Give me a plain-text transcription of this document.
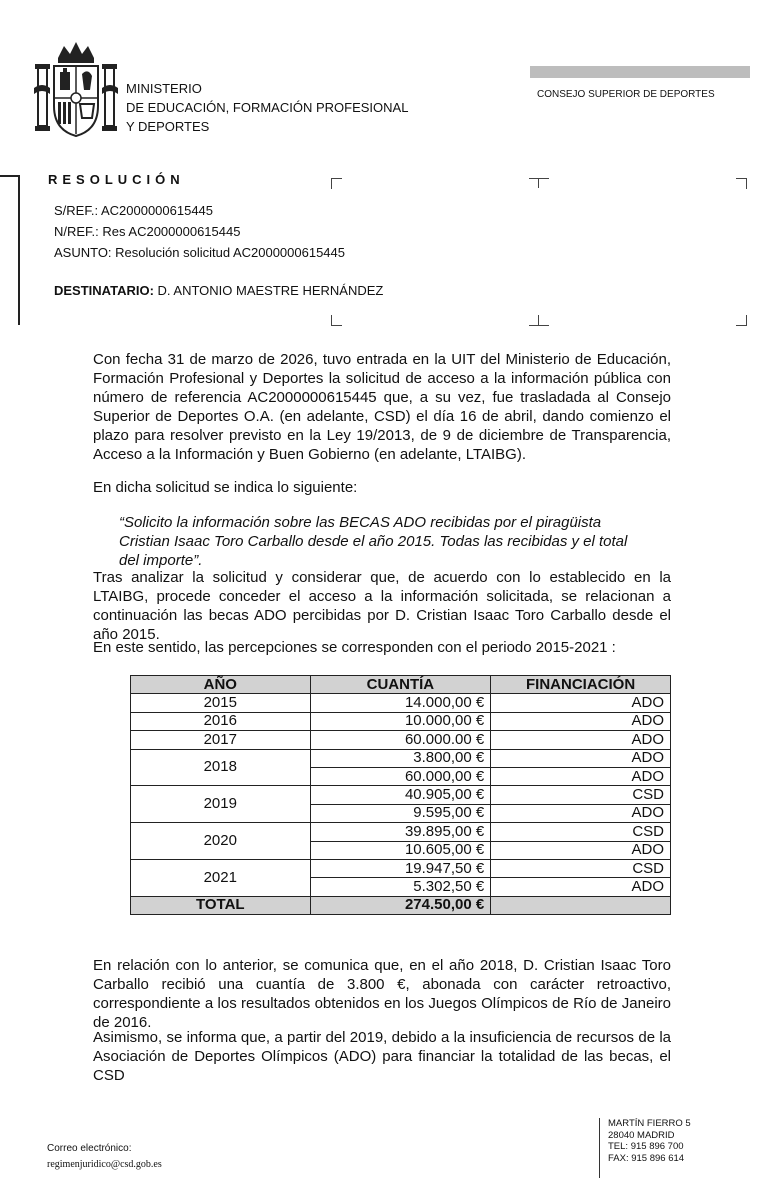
MINISTERIO
DE EDUCACIÓN, FORMACIÓN PROFESIONAL
Y DEPORTES
CONSEJO SUPERIOR DE DEPORTES
RESOLUCIÓN
S/REF.: AC2000000615445
N/REF.: Res AC2000000615445
ASUNTO: Resolución solicitud AC2000000615445
DESTINATARIO: D. ANTONIO MAESTRE HERNÁNDEZ
Con fecha 31 de marzo de 2026, tuvo entrada en la UIT del Ministerio de Educación, Formación Profesional y Deportes la solicitud de acceso a la información pública con número de referencia AC2000000615445 que, a su vez, fue trasladada al Consejo Superior de Deportes O.A. (en adelante, CSD) el día 16 de abril, dando comienzo el plazo para resolver previsto en la Ley 19/2013, de 9 de diciembre de Transparencia, Acceso a la Información y Buen Gobierno (en adelante, LTAIBG).
En dicha solicitud se indica lo siguiente:
“Solicito la información sobre las BECAS ADO recibidas por el piragüista Cristian Isaac Toro Carballo desde el año 2015. Todas las recibidas y el total del importe”.
Tras analizar la solicitud y considerar que, de acuerdo con lo establecido en la LTAIBG, procede conceder el acceso a la información solicitada, se relacionan a continuación las becas ADO percibidas por D. Cristian Isaac Toro Carballo desde el año 2015.
En este sentido, las percepciones se corresponden con el periodo 2015-2021 :
AÑO	CUANTÍA	FINANCIACIÓN
2015	14.000,00 €	ADO
2016	10.000,00 €	ADO
2017	60.000.00 €	ADO
2018	3.800,00 €	ADO
	60.000,00 €	ADO
2019	40.905,00 €	CSD
	9.595,00 €	ADO
2020	39.895,00 €	CSD
	10.605,00 €	ADO
2021	19.947,50 €	CSD
	5.302,50 €	ADO
TOTAL	274.50,00 €	
En relación con lo anterior, se comunica que, en el año 2018, D. Cristian Isaac Toro Carballo recibió una cuantía de 3.800 €, abonada con carácter retroactivo, correspondiente a los resultados obtenidos en los Juegos Olímpicos de Río de Janeiro de 2016.
Asimismo, se informa que, a partir del 2019, debido a la insuficiencia de recursos de la Asociación de Deportes Olímpicos (ADO) para financiar la totalidad de las becas, el CSD
Correo electrónico:
regimenjuridico@csd.gob.es
MARTÍN FIERRO 5
28040 MADRID
TEL: 915 896 700
FAX: 915 896 614
